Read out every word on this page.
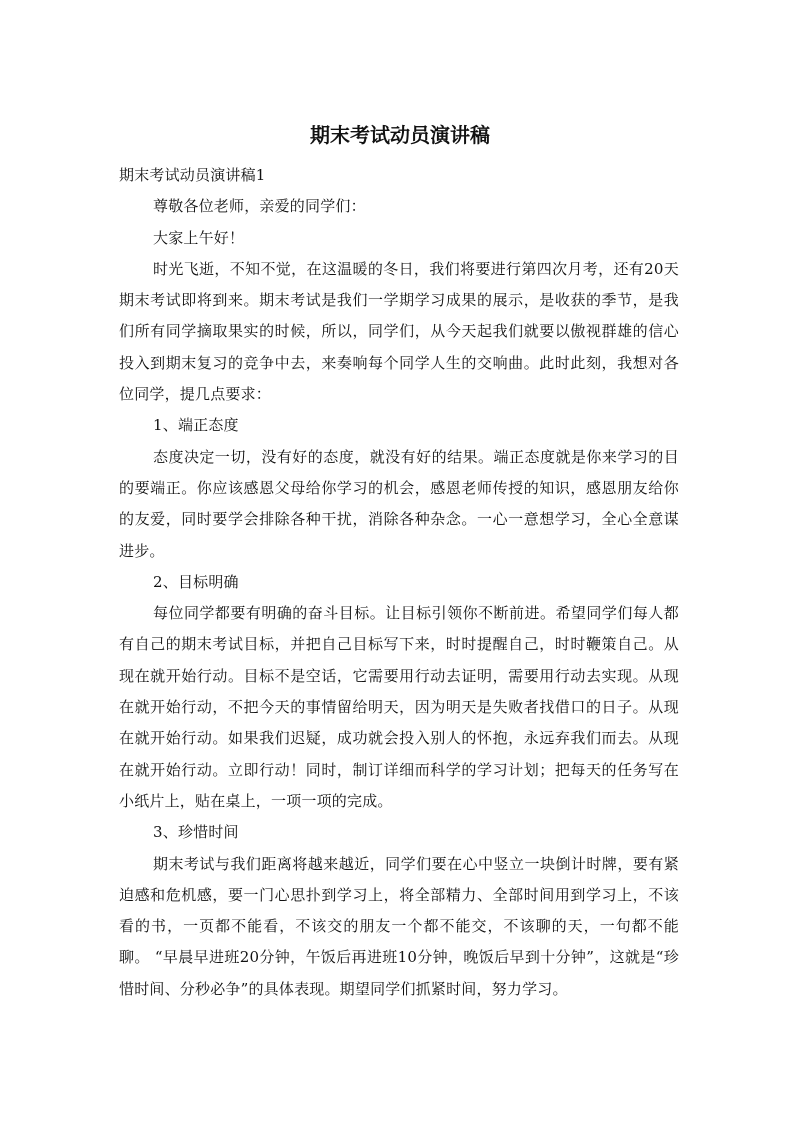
期末考试动员演讲稿

期末考试动员演讲稿1

尊敬各位老师，亲爱的同学们：

大家上午好！

时光飞逝，不知不觉，在这温暖的冬日，我们将要进行第四次月考，还有20天期末考试即将到来。期末考试是我们一学期学习成果的展示，是收获的季节，是我们所有同学摘取果实的时候，所以，同学们，从今天起我们就要以傲视群雄的信心投入到期末复习的竞争中去，来奏响每个同学人生的交响曲。此时此刻，我想对各位同学，提几点要求：

1、端正态度

态度决定一切，没有好的态度，就没有好的结果。端正态度就是你来学习的目的要端正。你应该感恩父母给你学习的机会，感恩老师传授的知识，感恩朋友给你的友爱，同时要学会排除各种干扰，消除各种杂念。一心一意想学习，全心全意谋进步。

2、目标明确

每位同学都要有明确的奋斗目标。让目标引领你不断前进。希望同学们每人都有自己的期末考试目标，并把自己目标写下来，时时提醒自己，时时鞭策自己。从现在就开始行动。目标不是空话，它需要用行动去证明，需要用行动去实现。从现在就开始行动，不把今天的事情留给明天，因为明天是失败者找借口的日子。从现在就开始行动。如果我们迟疑，成功就会投入别人的怀抱，永远弃我们而去。从现在就开始行动。立即行动！同时，制订详细而科学的学习计划；把每天的任务写在小纸片上，贴在桌上，一项一项的完成。

3、珍惜时间

期末考试与我们距离将越来越近，同学们要在心中竖立一块倒计时牌，要有紧迫感和危机感，要一门心思扑到学习上，将全部精力、全部时间用到学习上，不该看的书，一页都不能看，不该交的朋友一个都不能交，不该聊的天，一句都不能聊。 “早晨早进班20分钟，午饭后再进班10分钟，晚饭后早到十分钟”，这就是“珍惜时间、分秒必争”的具体表现。期望同学们抓紧时间，努力学习。
